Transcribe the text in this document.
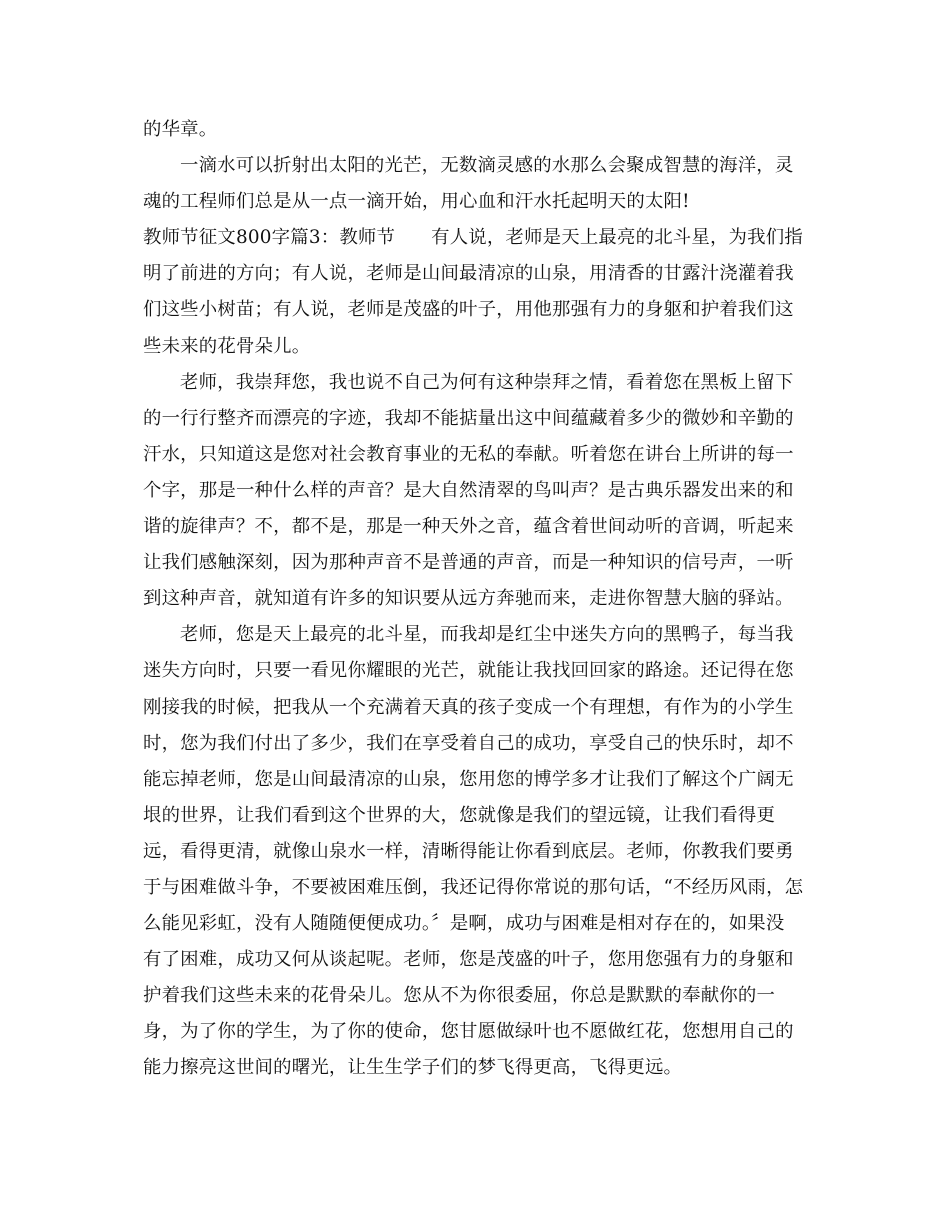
的华章。
一滴水可以折射出太阳的光芒，无数滴灵感的水那么会聚成智慧的海洋，灵
魂的工程师们总是从一点一滴开始，用心血和汗水托起明天的太阳!
教师节征文800字篇3：教师节 有人说，老师是天上最亮的北斗星，为我们指
明了前进的方向；有人说，老师是山间最清凉的山泉，用清香的甘露汁浇灌着我
们这些小树苗；有人说，老师是茂盛的叶子，用他那强有力的身躯和护着我们这
些未来的花骨朵儿。
老师，我崇拜您，我也说不自己为何有这种崇拜之情，看着您在黑板上留下
的一行行整齐而漂亮的字迹，我却不能掂量出这中间蕴藏着多少的微妙和辛勤的
汗水，只知道这是您对社会教育事业的无私的奉献。听着您在讲台上所讲的每一
个字，那是一种什么样的声音？是大自然清翠的鸟叫声？是古典乐器发出来的和
谐的旋律声？不，都不是，那是一种天外之音，蕴含着世间动听的音调，听起来
让我们感触深刻，因为那种声音不是普通的声音，而是一种知识的信号声，一听
到这种声音，就知道有许多的知识要从远方奔驰而来，走进你智慧大脑的驿站。
老师，您是天上最亮的北斗星，而我却是红尘中迷失方向的黑鸭子，每当我
迷失方向时，只要一看见你耀眼的光芒，就能让我找回回家的路途。还记得在您
刚接我的时候，把我从一个充满着天真的孩子变成一个有理想，有作为的小学生
时，您为我们付出了多少，我们在享受着自己的成功，享受自己的快乐时，却不
能忘掉老师，您是山间最清凉的山泉，您用您的博学多才让我们了解这个广阔无
垠的世界，让我们看到这个世界的大，您就像是我们的望远镜，让我们看得更
远，看得更清，就像山泉水一样，清晰得能让你看到底层。老师，你教我们要勇
于与困难做斗争，不要被困难压倒，我还记得你常说的那句话，“不经历风雨，怎
么能见彩虹，没有人随随便便成功。〞是啊，成功与困难是相对存在的，如果没
有了困难，成功又何从谈起呢。老师，您是茂盛的叶子，您用您强有力的身躯和
护着我们这些未来的花骨朵儿。您从不为你很委屈，你总是默默的奉献你的一
身，为了你的学生，为了你的使命，您甘愿做绿叶也不愿做红花，您想用自己的
能力擦亮这世间的曙光，让生生学子们的梦飞得更高，飞得更远。
